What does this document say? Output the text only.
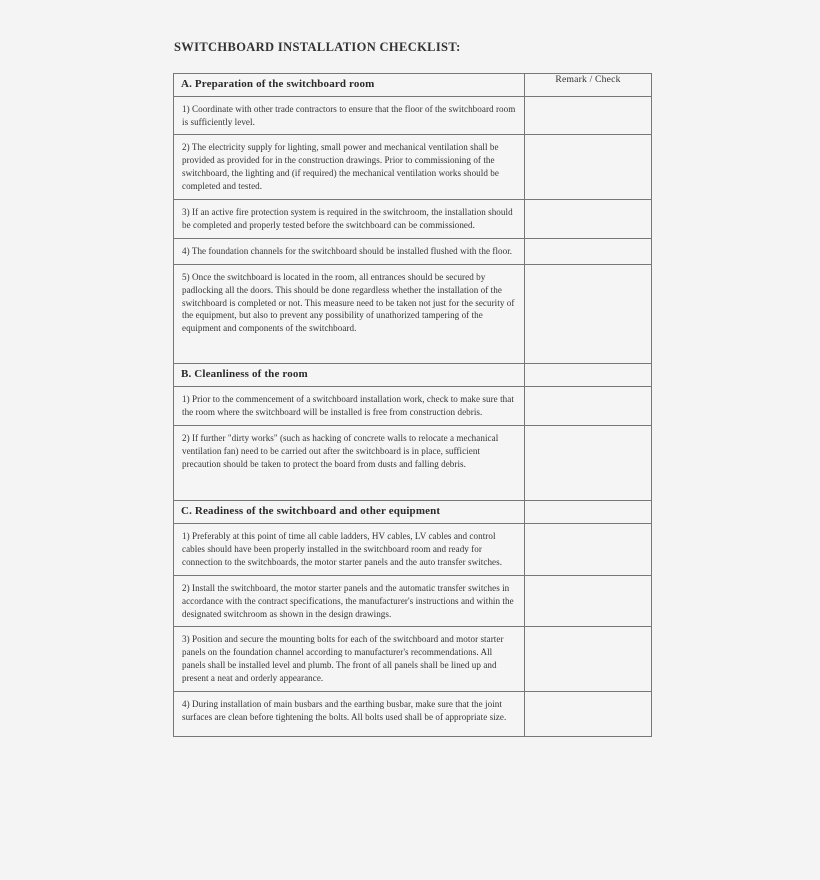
SWITCHBOARD INSTALLATION CHECKLIST:
A. Preparation of the switchboard room	Remark / Check

1) Coordinate with other trade contractors to ensure that the floor of the switchboard room is sufficiently level.	

2) The electricity supply for lighting, small power and mechanical ventilation shall be provided as provided for in the construction drawings. Prior to commissioning of the switchboard, the lighting and (if required) the mechanical ventilation works should be completed and tested.	

3) If an active fire protection system is required in the switchroom, the installation should be completed and properly tested before the switchboard can be commissioned.	

4) The foundation channels for the switchboard should be installed flushed with the floor.	

5) Once the switchboard is located in the room, all entrances should be secured by padlocking all the doors. This should be done regardless whether the installation of the switchboard is completed or not. This measure need to be taken not just for the security of the equipment, but also to prevent any possibility of unathorized tampering of the equipment and components of the switchboard.	

B. Cleanliness of the room	

1) Prior to the commencement of a switchboard installation work, check to make sure that the room where the switchboard will be installed is free from construction debris.	

2) If further "dirty works" (such as hacking of concrete walls to relocate a mechanical ventilation fan) need to be carried out after the switchboard is in place, sufficient precaution should be taken to protect the board from dusts and falling debris.	

C. Readiness of the switchboard and other equipment	

1) Preferably at this point of time all cable ladders, HV cables, LV cables and control cables should have been properly installed in the switchboard room and ready for connection to the switchboards, the motor starter panels and the auto transfer switches.	

2) Install the switchboard, the motor starter panels and the automatic transfer switches in accordance with the contract specifications, the manufacturer's instructions and within the designated switchroom as shown in the design drawings.	

3) Position and secure the mounting bolts for each of the switchboard and motor starter panels on the foundation channel according to manufacturer's recommendations. All panels shall be installed level and plumb. The front of all panels shall be lined up and present a neat and orderly appearance.	

4) During installation of main busbars and the earthing busbar, make sure that the joint surfaces are clean before tightening the bolts. All bolts used shall be of appropriate size.	
